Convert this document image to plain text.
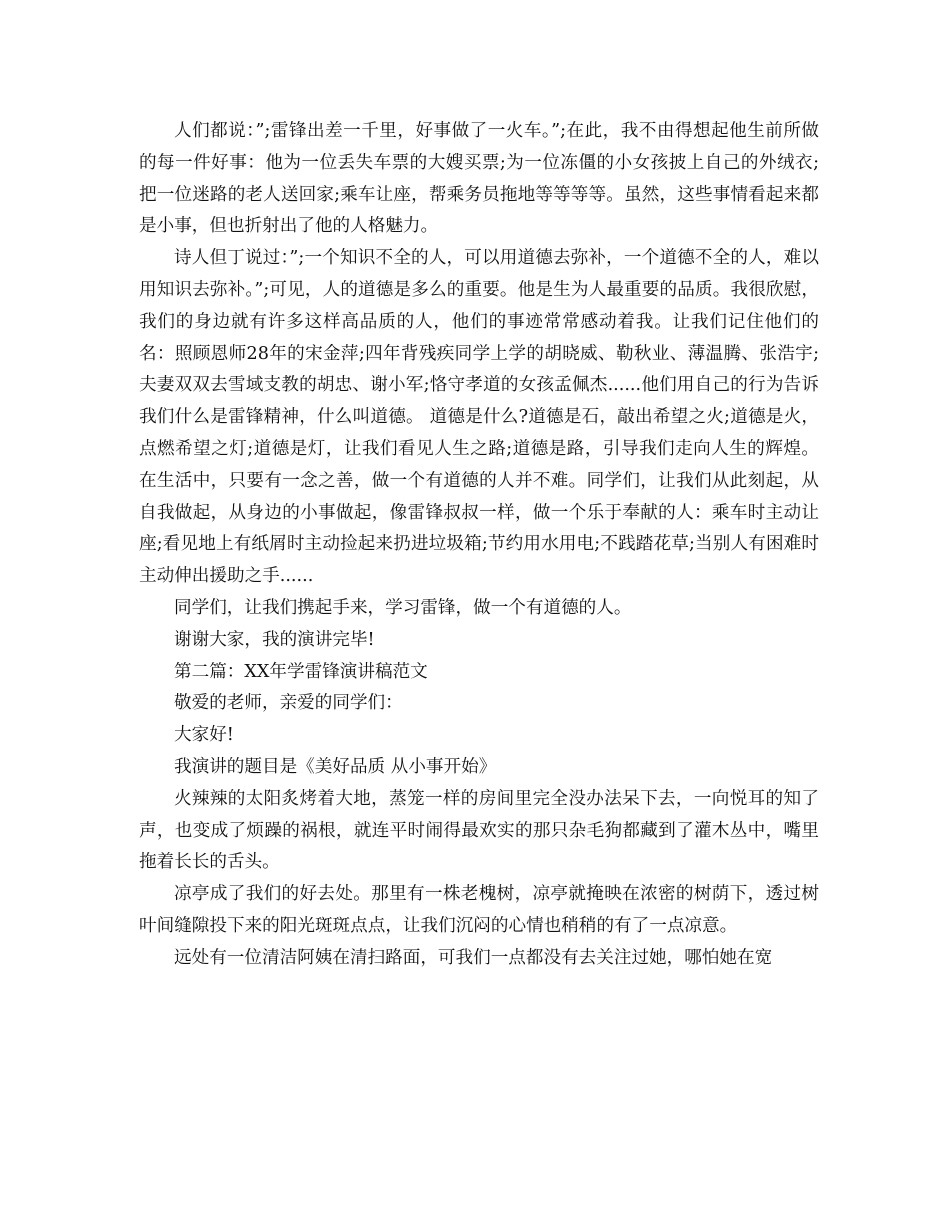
人们都说：”;雷锋出差一千里，好事做了一火车。”;在此，我不由得想起他生前所做的每一件好事：他为一位丢失车票的大嫂买票;为一位冻僵的小女孩披上自己的外绒衣;把一位迷路的老人送回家;乘车让座，帮乘务员拖地等等等等。虽然，这些事情看起来都是小事，但也折射出了他的人格魅力。

诗人但丁说过：”;一个知识不全的人，可以用道德去弥补，一个道德不全的人，难以用知识去弥补。”;可见，人的道德是多么的重要。他是生为人最重要的品质。我很欣慰，我们的身边就有许多这样高品质的人，他们的事迹常常感动着我。让我们记住他们的名：照顾恩师28年的宋金萍;四年背残疾同学上学的胡晓威、勒秋业、薄温腾、张浩宇;夫妻双双去雪域支教的胡忠、谢小军;恪守孝道的女孩孟佩杰......他们用自己的行为告诉我们什么是雷锋精神，什么叫道德。 道德是什么?道德是石，敲出希望之火;道德是火，点燃希望之灯;道德是灯，让我们看见人生之路;道德是路，引导我们走向人生的辉煌。在生活中，只要有一念之善，做一个有道德的人并不难。同学们，让我们从此刻起，从自我做起，从身边的小事做起，像雷锋叔叔一样，做一个乐于奉献的人：乘车时主动让座;看见地上有纸屑时主动捡起来扔进垃圾箱;节约用水用电;不践踏花草;当别人有困难时主动伸出援助之手......

同学们，让我们携起手来，学习雷锋，做一个有道德的人。

谢谢大家，我的演讲完毕!

第二篇：XX年学雷锋演讲稿范文

敬爱的老师，亲爱的同学们：

大家好!

我演讲的题目是《美好品质 从小事开始》

火辣辣的太阳炙烤着大地，蒸笼一样的房间里完全没办法呆下去，一向悦耳的知了声，也变成了烦躁的祸根，就连平时闹得最欢实的那只杂毛狗都藏到了灌木丛中，嘴里拖着长长的舌头。

凉亭成了我们的好去处。那里有一株老槐树，凉亭就掩映在浓密的树荫下，透过树叶间缝隙投下来的阳光斑斑点点，让我们沉闷的心情也稍稍的有了一点凉意。

远处有一位清洁阿姨在清扫路面，可我们一点都没有去关注过她，哪怕她在宽
